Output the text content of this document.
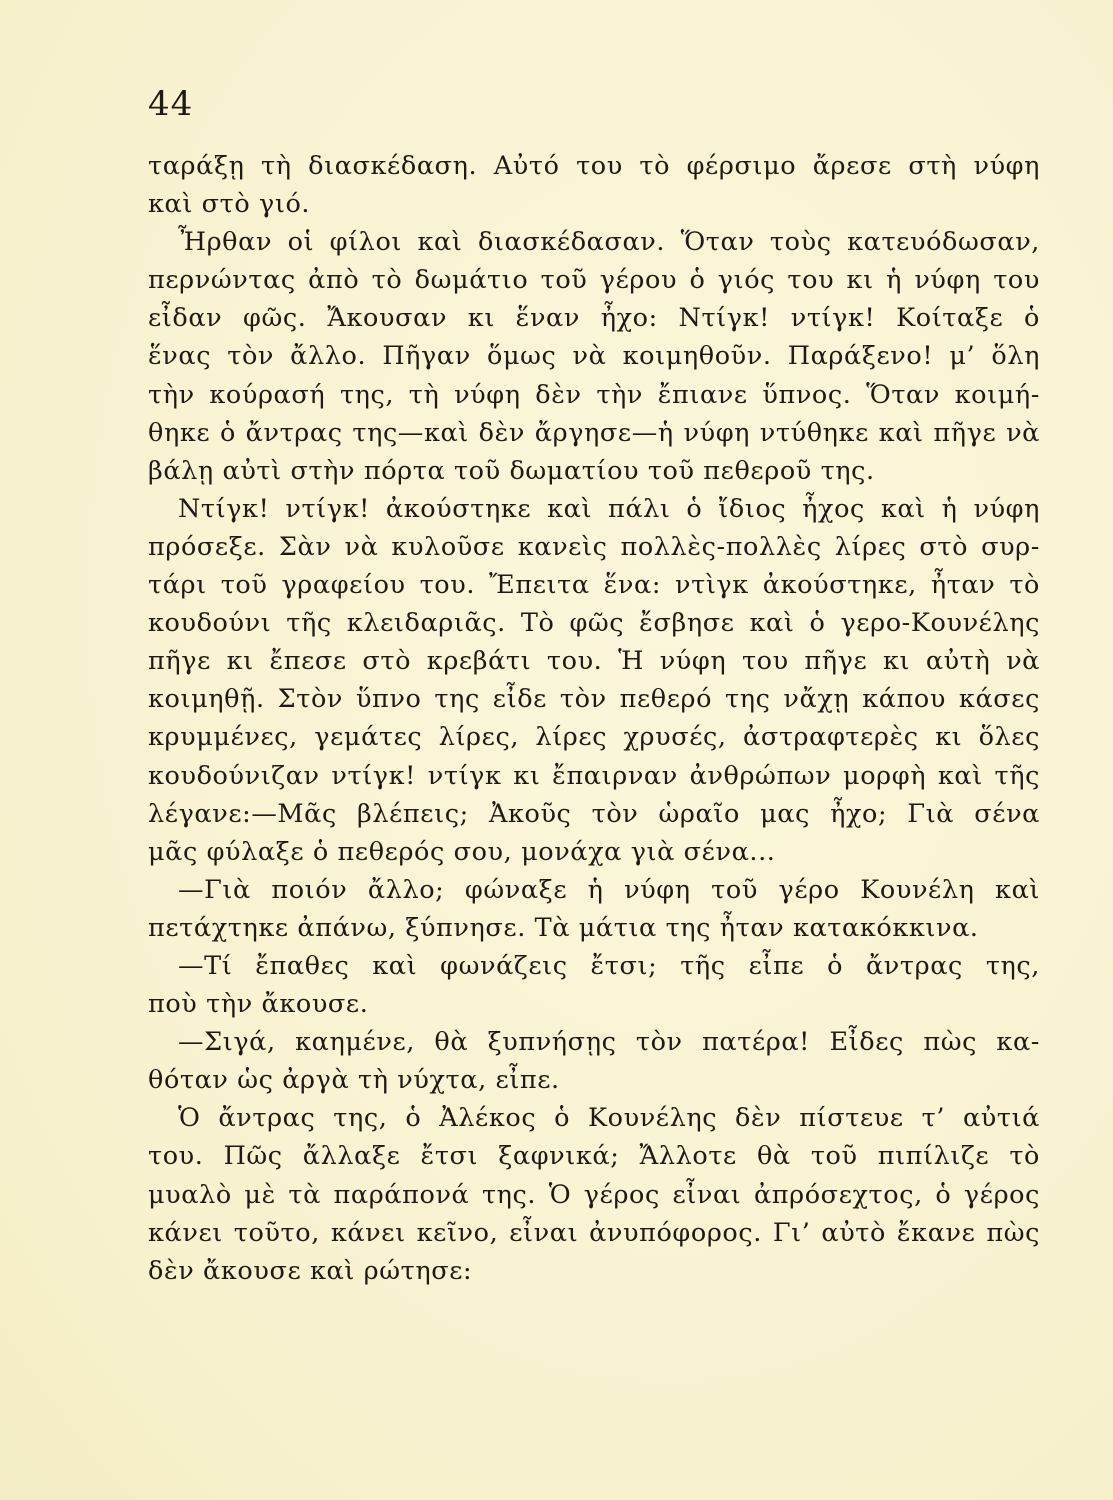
44
ταράξῃ τὴ διασκέδαση. Αὐτό του τὸ φέρσιμο ἄρεσε στὴ νύφη
καὶ στὸ γιό.
Ἦρθαν οἱ φίλοι καὶ διασκέδασαν. Ὅταν τοὺς κατευόδωσαν,
περνώντας ἀπὸ τὸ δωμάτιο τοῦ γέρου ὁ γιός του κι ἡ νύφη του
εἶδαν φῶς. Ἄκουσαν κι ἕναν ἦχο: Ντίγκ! ντίγκ! Κοίταξε ὁ
ἕνας τὸν ἄλλο. Πῆγαν ὅμως νὰ κοιμηθοῦν. Παράξενο! μ’ ὅλη
τὴν κούρασή της, τὴ νύφη δὲν τὴν ἔπιανε ὕπνος. Ὅταν κοιμή-
θηκε ὁ ἄντρας της—καὶ δὲν ἄργησε—ἡ νύφη ντύθηκε καὶ πῆγε νὰ
βάλῃ αὐτὶ στὴν πόρτα τοῦ δωματίου τοῦ πεθεροῦ της.
Ντίγκ! ντίγκ! ἀκούστηκε καὶ πάλι ὁ ἴδιος ἦχος καὶ ἡ νύφη
πρόσεξε. Σὰν νὰ κυλοῦσε κανεὶς πολλὲς-πολλὲς λίρες στὸ συρ-
τάρι τοῦ γραφείου του. Ἔπειτα ἕνα: ντὶγκ ἀκούστηκε, ἦταν τὸ
κουδούνι τῆς κλειδαριᾶς. Τὸ φῶς ἔσβησε καὶ ὁ γερο-Κουνέλης
πῆγε κι ἔπεσε στὸ κρεβάτι του. Ἡ νύφη του πῆγε κι αὐτὴ νὰ
κοιμηθῇ. Στὸν ὕπνο της εἶδε τὸν πεθερό της νἄχῃ κάπου κάσες
κρυμμένες, γεμάτες λίρες, λίρες χρυσές, ἀστραφτερὲς κι ὅλες
κουδούνιζαν ντίγκ! ντίγκ κι ἔπαιρναν ἀνθρώπων μορφὴ καὶ τῆς
λέγανε:—Μᾶς βλέπεις; Ἀκοῦς τὸν ὡραῖο μας ἦχο; Γιὰ σένα
μᾶς φύλαξε ὁ πεθερός σου, μονάχα γιὰ σένα...
—Γιὰ ποιόν ἄλλο; φώναξε ἡ νύφη τοῦ γέρο Κουνέλη καὶ
πετάχτηκε ἀπάνω, ξύπνησε. Τὰ μάτια της ἦταν κατακόκκινα.
—Τί ἔπαθες καὶ φωνάζεις ἔτσι; τῆς εἶπε ὁ ἄντρας της,
ποὺ τὴν ἄκουσε.
—Σιγά, καημένε, θὰ ξυπνήσῃς τὸν πατέρα! Εἶδες πὼς κα-
θόταν ὡς ἀργὰ τὴ νύχτα, εἶπε.
Ὁ ἄντρας της, ὁ Ἀλέκος ὁ Κουνέλης δὲν πίστευε τ’ αὐτιά
του. Πῶς ἄλλαξε ἔτσι ξαφνικά; Ἄλλοτε θὰ τοῦ πιπίλιζε τὸ
μυαλὸ μὲ τὰ παράπονά της. Ὁ γέρος εἶναι ἀπρόσεχτος, ὁ γέρος
κάνει τοῦτο, κάνει κεῖνο, εἶναι ἀνυπόφορος. Γι’ αὐτὸ ἔκανε πὼς
δὲν ἄκουσε καὶ ρώτησε:
